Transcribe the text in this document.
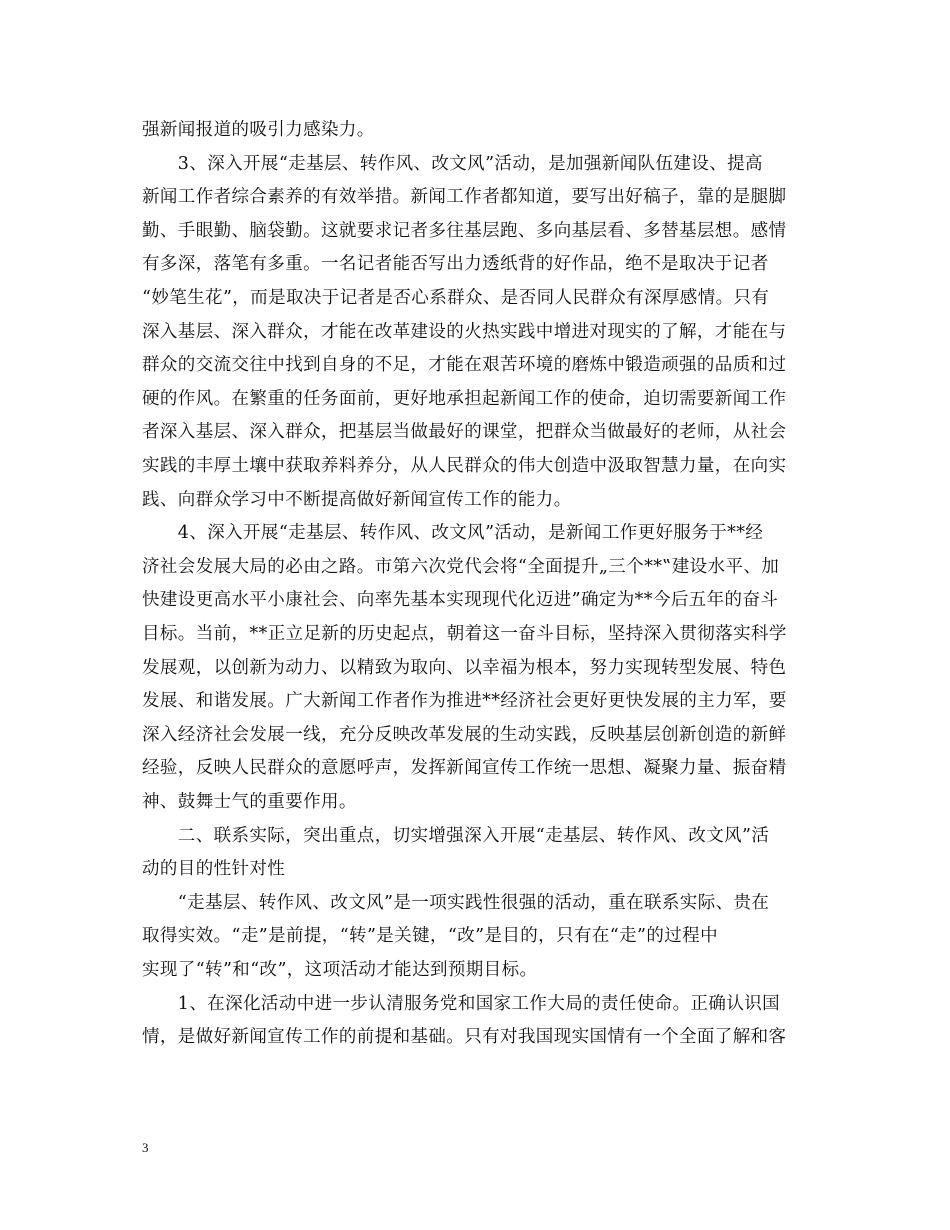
强新闻报道的吸引力感染力。

　　3、深入开展“走基层、转作风、改文风”活动，是加强新闻队伍建设、提高

新闻工作者综合素养的有效举措。新闻工作者都知道，要写出好稿子，靠的是腿脚

勤、手眼勤、脑袋勤。这就要求记者多往基层跑、多向基层看、多替基层想。感情

有多深，落笔有多重。一名记者能否写出力透纸背的好作品，绝不是取决于记者

“妙笔生花”，而是取决于记者是否心系群众、是否同人民群众有深厚感情。只有

深入基层、深入群众，才能在改革建设的火热实践中增进对现实的了解，才能在与

群众的交流交往中找到自身的不足，才能在艰苦环境的磨炼中锻造顽强的品质和过

硬的作风。在繁重的任务面前，更好地承担起新闻工作的使命，迫切需要新闻工作

者深入基层、深入群众，把基层当做最好的课堂，把群众当做最好的老师，从社会

实践的丰厚土壤中获取养料养分，从人民群众的伟大创造中汲取智慧力量，在向实

践、向群众学习中不断提高做好新闻宣传工作的能力。

　　4、深入开展“走基层、转作风、改文风”活动，是新闻工作更好服务于**经

济社会发展大局的必由之路。市第六次党代会将“全面提升„三个**‟建设水平、加

快建设更高水平小康社会、向率先基本实现现代化迈进”确定为**今后五年的奋斗

目标。当前，**正立足新的历史起点，朝着这一奋斗目标，坚持深入贯彻落实科学

发展观，以创新为动力、以精致为取向、以幸福为根本，努力实现转型发展、特色

发展、和谐发展。广大新闻工作者作为推进**经济社会更好更快发展的主力军，要

深入经济社会发展一线，充分反映改革发展的生动实践，反映基层创新创造的新鲜

经验，反映人民群众的意愿呼声，发挥新闻宣传工作统一思想、凝聚力量、振奋精

神、鼓舞士气的重要作用。

　　二、联系实际，突出重点，切实增强深入开展“走基层、转作风、改文风”活

动的目的性针对性

　　“走基层、转作风、改文风”是一项实践性很强的活动，重在联系实际、贵在

取得实效。“走”是前提，“转”是关键，“改”是目的，只有在“走”的过程中

实现了“转”和“改”，这项活动才能达到预期目标。

　　1、在深化活动中进一步认清服务党和国家工作大局的责任使命。正确认识国

情，是做好新闻宣传工作的前提和基础。只有对我国现实国情有一个全面了解和客

3
